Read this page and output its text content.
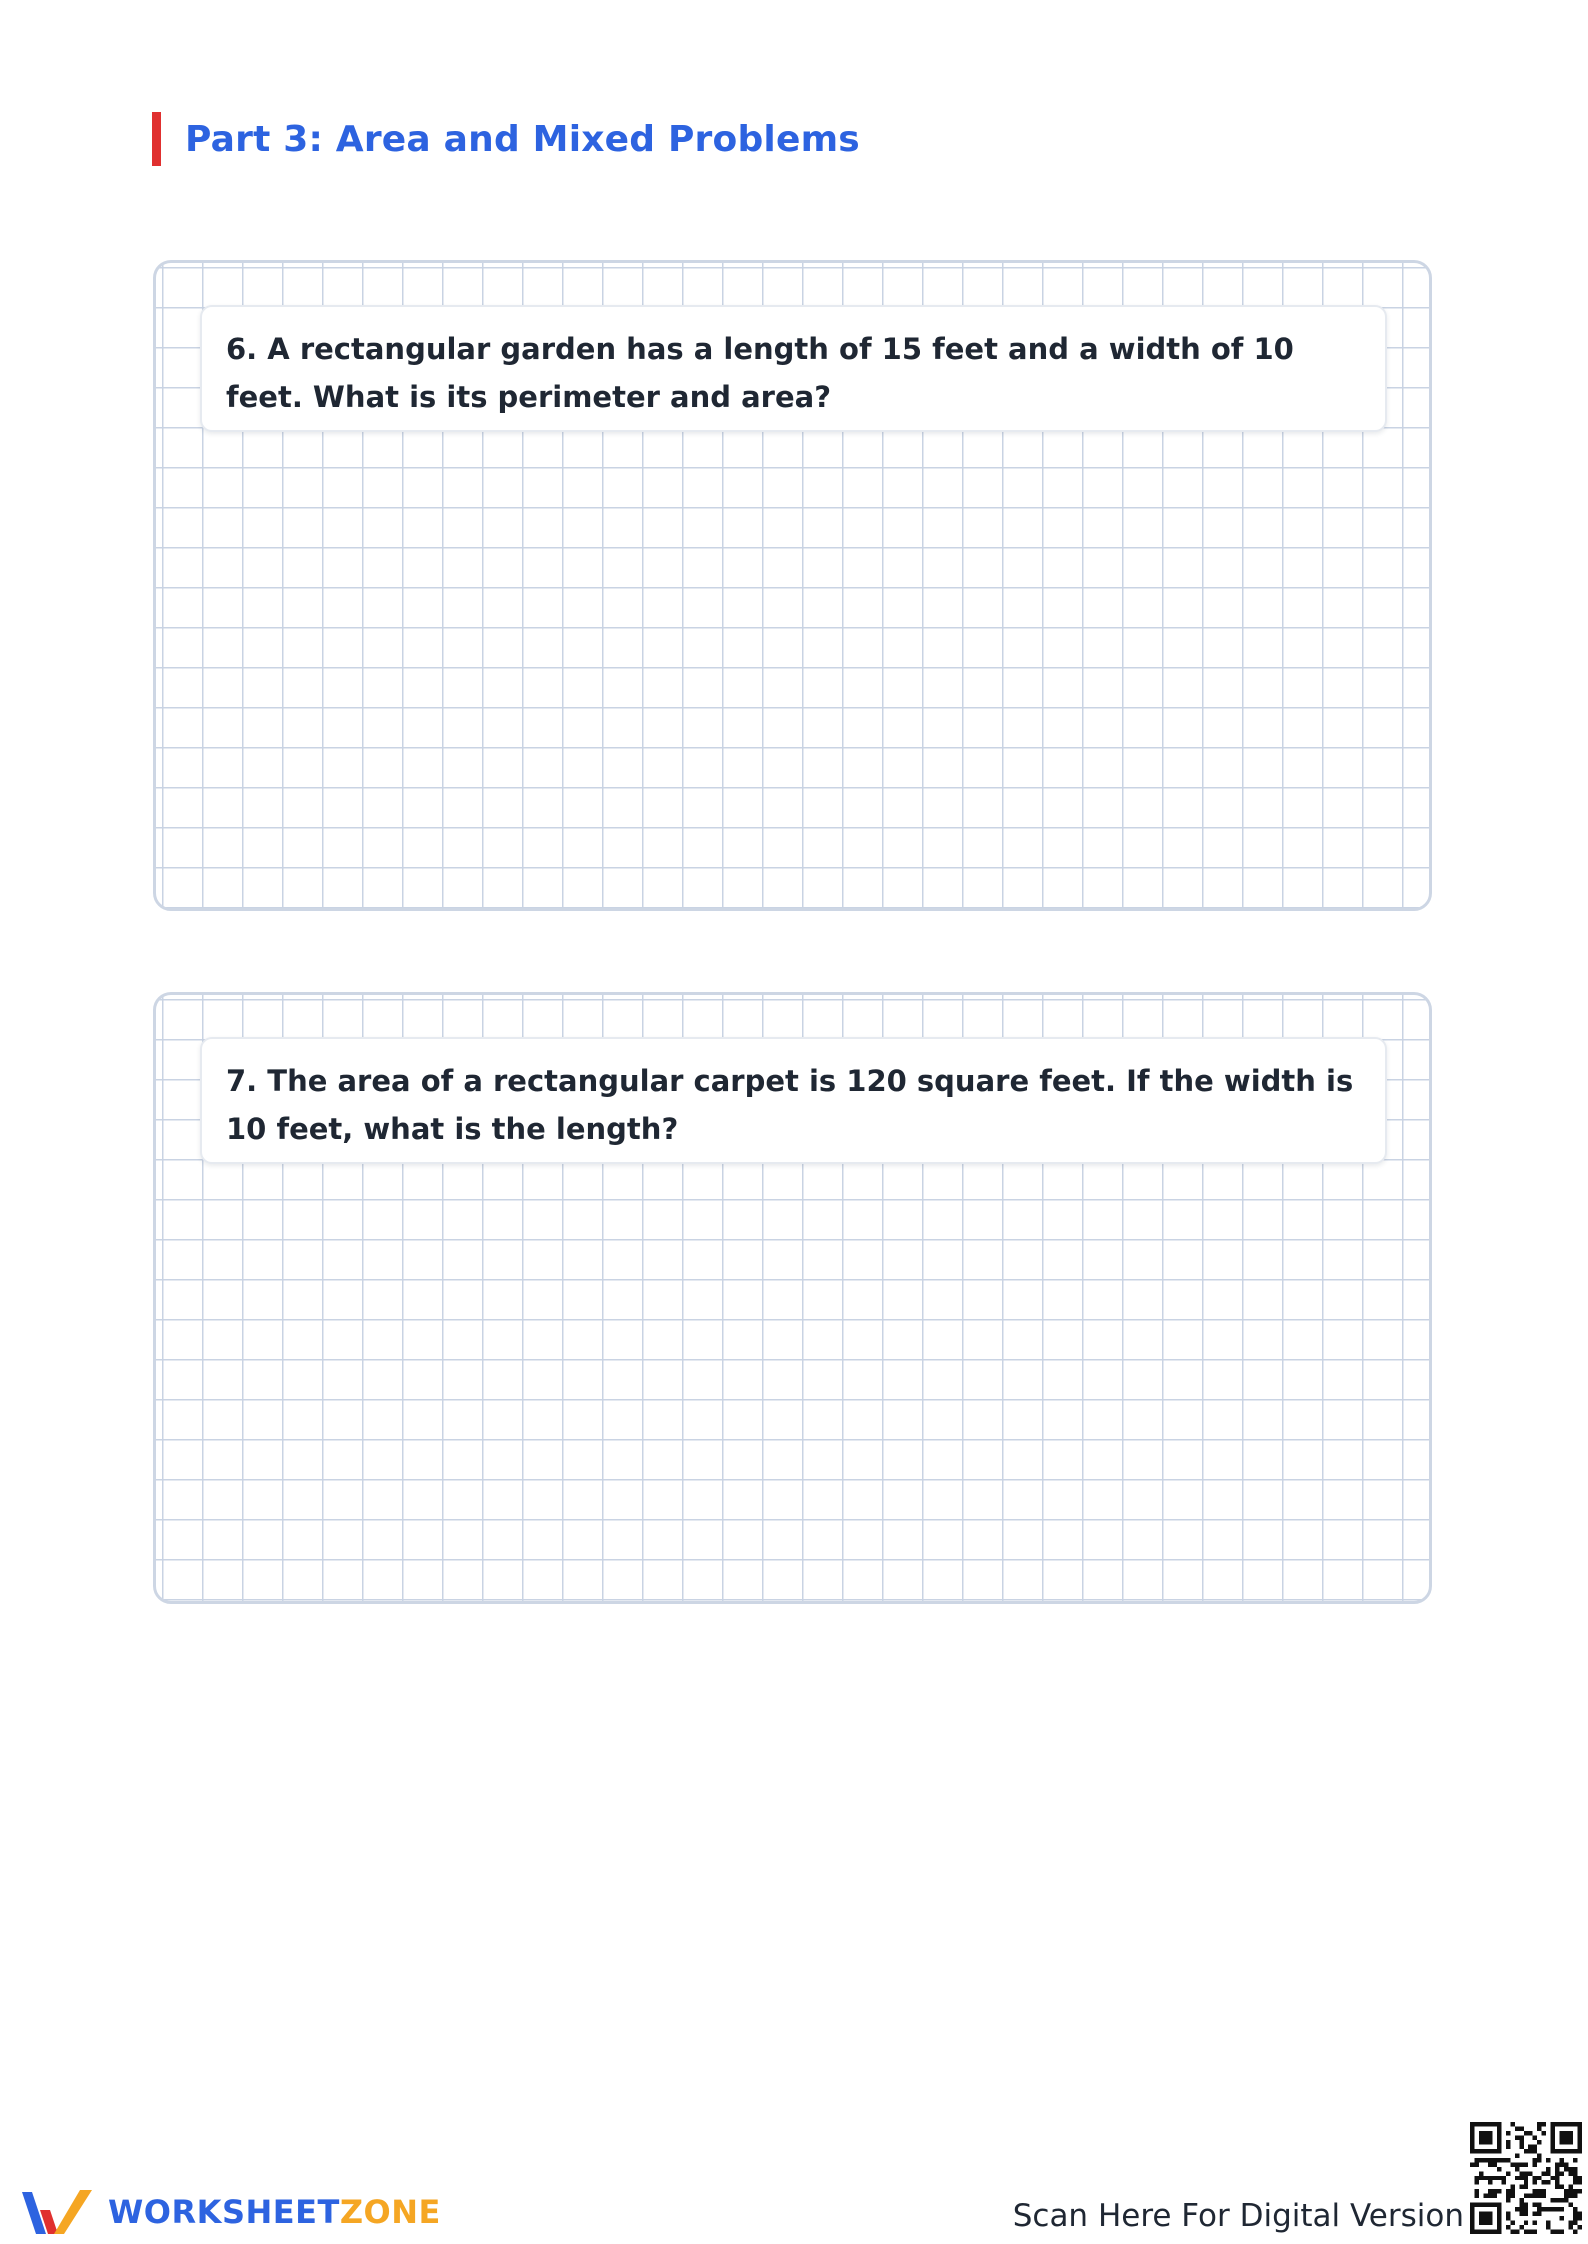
Part 3: Area and Mixed Problems

6. A rectangular garden has a length of 15 feet and a width of 10 feet. What is its perimeter and area?

7. The area of a rectangular carpet is 120 square feet. If the width is 10 feet, what is the length?

WORKSHEETZONE	Scan Here For Digital Version
